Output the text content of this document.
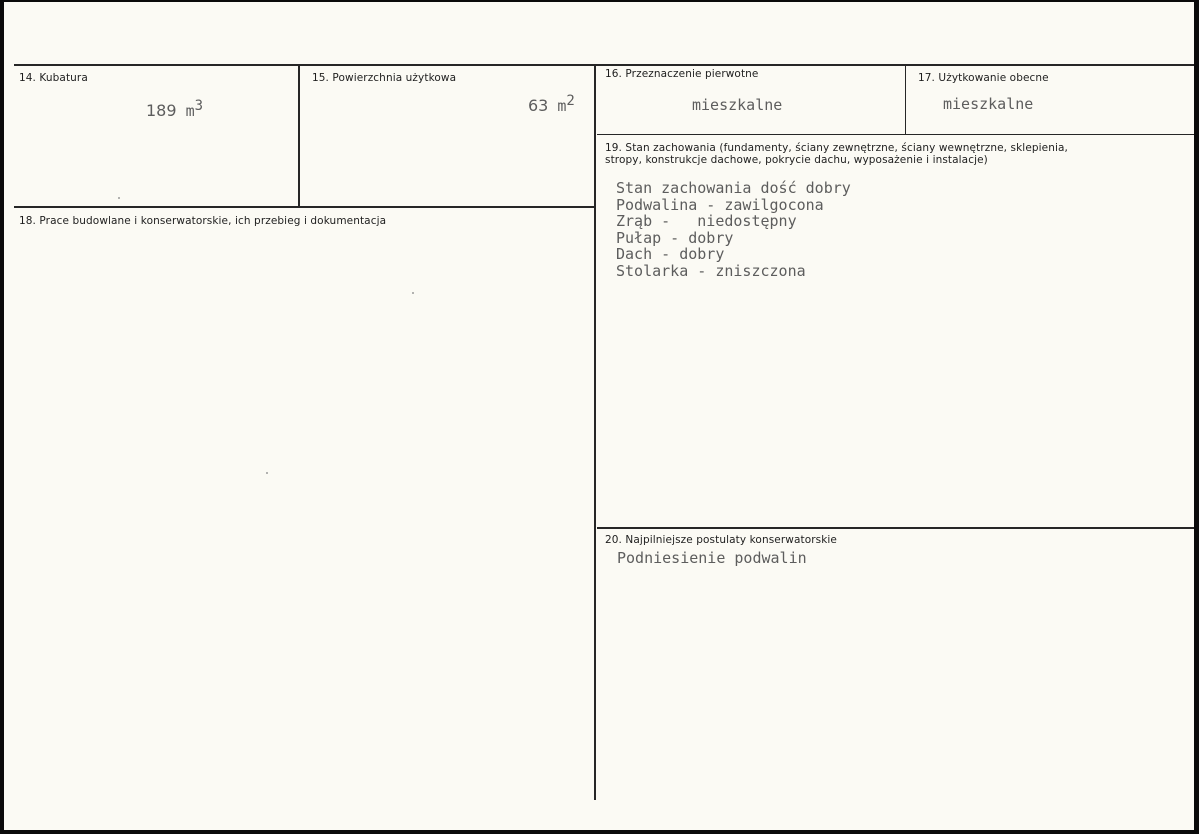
14. Kubatura
189 $m^3$
15. Powierzchnia użytkowa
63 $m^2$
16. Przeznaczenie pierwotne
mieszkalne
17. Użytkowanie obecne
mieszkalne
18. Prace budowlane i konserwatorskie, ich przebieg i dokumentacja
19. Stan zachowania (fundamenty, ściany zewnętrzne, ściany wewnętrzne, sklepienia, stropy, konstrukcje dachowe, pokrycie dachu, wyposażenie i instalacje)
Stan zachowania dość dobry
Podwalina - zawilgocona
Zrąb -   niedostępny
Pułap - dobry
Dach - dobry
Stolarka - zniszczona
20. Najpilniejsze postulaty konserwatorskie
Podniesienie podwalin
